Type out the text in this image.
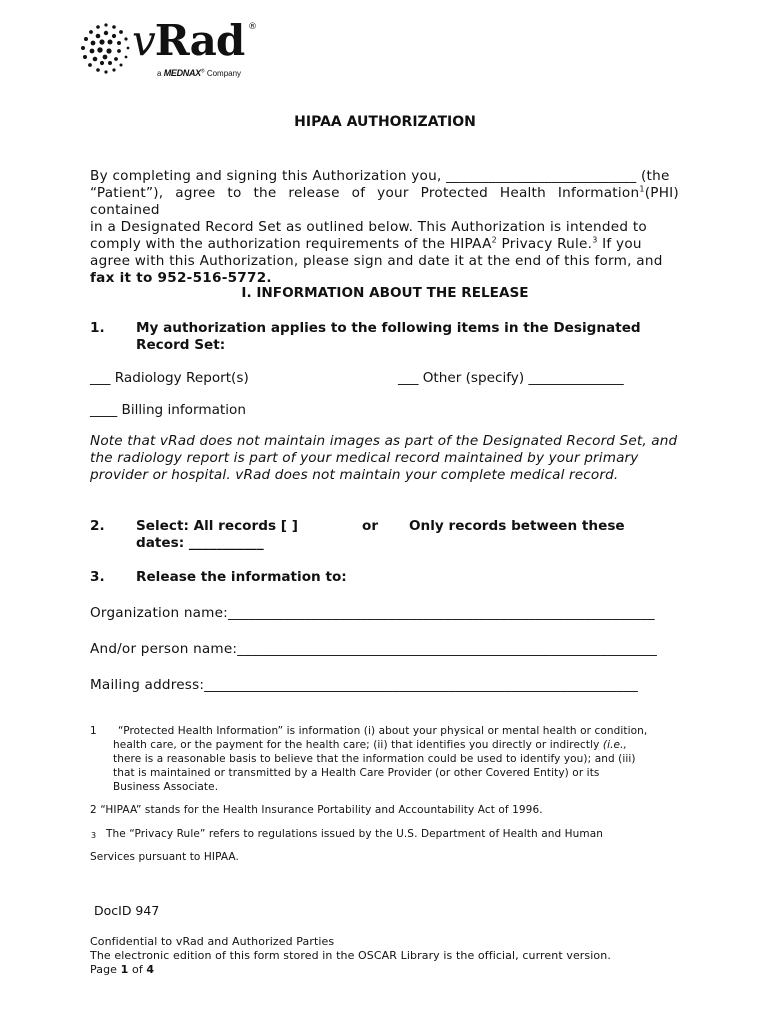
vRad ®
a MEDNAX® Company
HIPAA AUTHORIZATION
By completing and signing this Authorization you, ___________________________ (the
“Patient”), agree to the release of your Protected Health Information$^1$(PHI) contained
in a Designated Record Set as outlined below. This Authorization is intended to
comply with the authorization requirements of the HIPAA$^2$ Privacy Rule.$^3$ If you
agree with this Authorization, please sign and date it at the end of this form, and
fax it to 952-516-5772.
I. INFORMATION ABOUT THE RELEASE
1. My authorization applies to the following items in the Designated
Record Set:
___ Radiology Report(s)	___ Other (specify) ______________
____ Billing information
Note that vRad does not maintain images as part of the Designated Record Set, and
the radiology report is part of your medical record maintained by your primary
provider or hospital. vRad does not maintain your complete medical record.
2. Select: All records [ ]	or Only records between these
dates: ___________
3. Release the information to:
Organization name:_____________________________________________________________
And/or person name:____________________________________________________________
Mailing address:______________________________________________________________
1	“Protected Health Information” is information (i) about your physical or mental health or condition,
health care, or the payment for the health care; (ii) that identifies you directly or indirectly (i.e.,
there is a reasonable basis to believe that the information could be used to identify you); and (iii)
that is maintained or transmitted by a Health Care Provider (or other Covered Entity) or its
Business Associate.
2 “HIPAA” stands for the Health Insurance Portability and Accountability Act of 1996.
3 The “Privacy Rule” refers to regulations issued by the U.S. Department of Health and Human
Services pursuant to HIPAA.
DocID 947
Confidential to vRad and Authorized Parties
The electronic edition of this form stored in the OSCAR Library is the official, current version.
Page 1 of 4
